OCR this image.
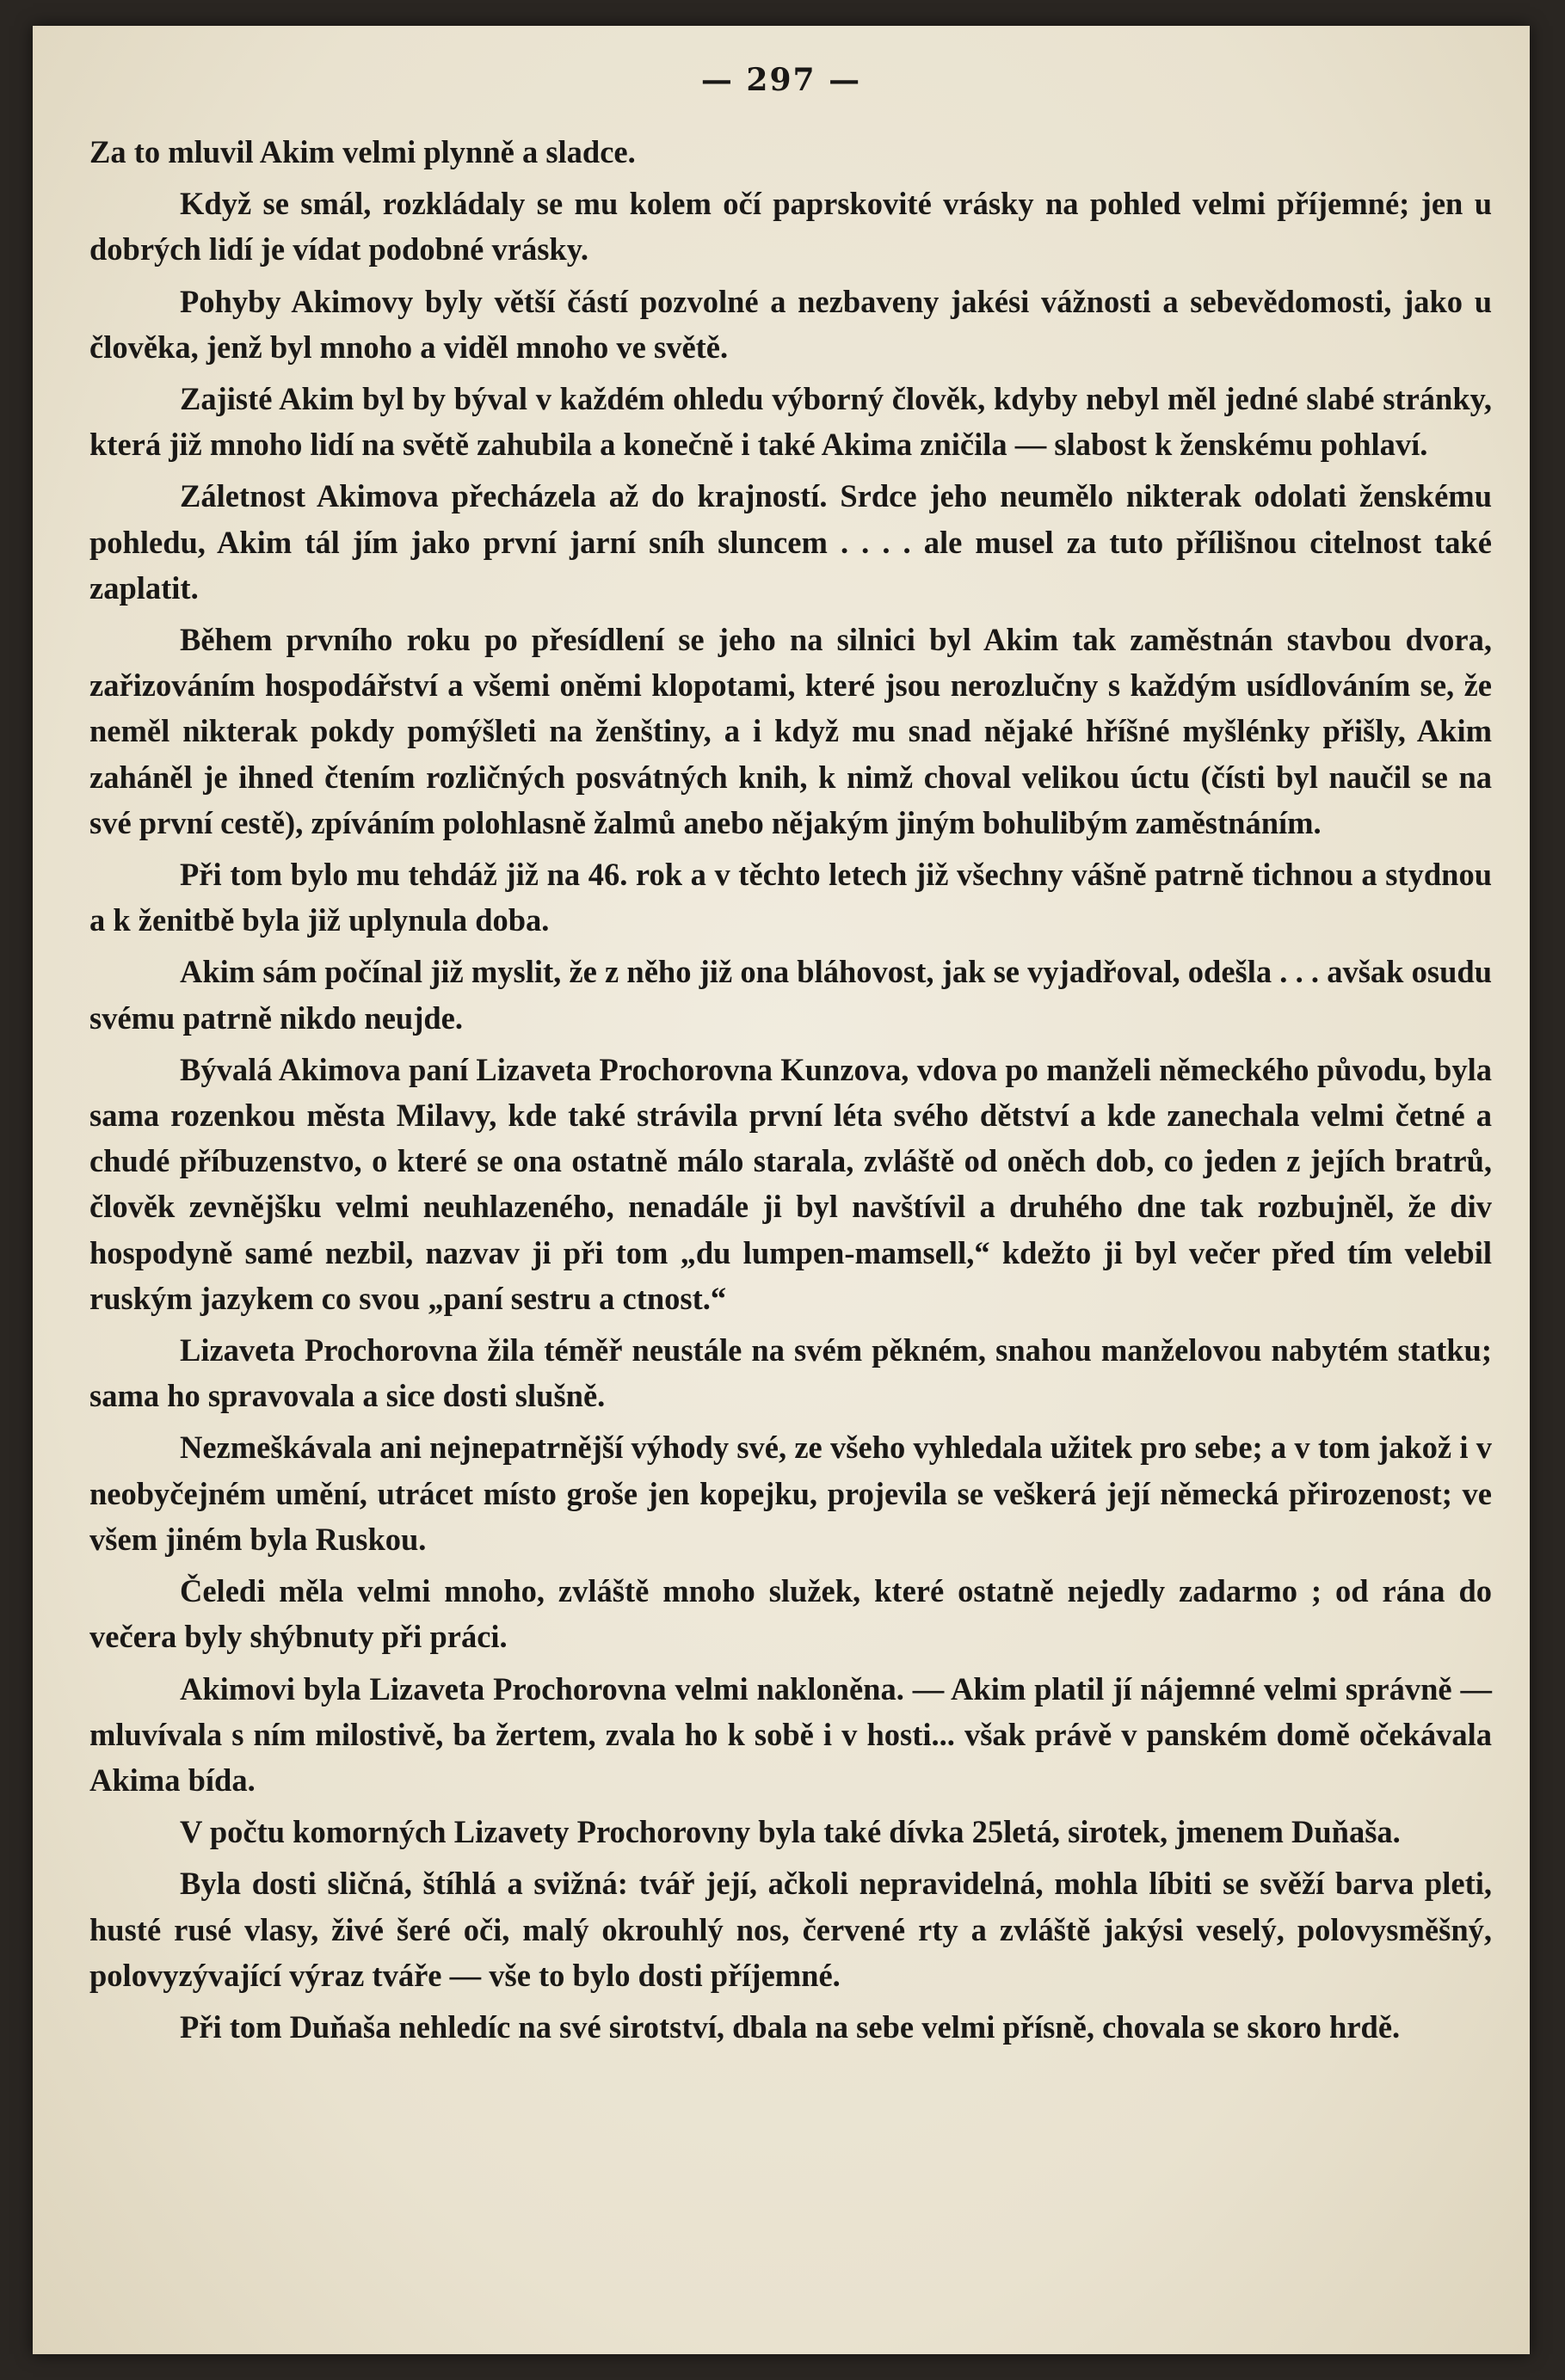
— 297 —

Za to mluvil Akim velmi plynně a sladce.

Když se smál, rozkládaly se mu kolem očí paprskovité vrásky na pohled velmi příjemné; jen u dobrých lidí je vídat podobné vrásky.

Pohyby Akimovy byly větší částí pozvolné a nezbaveny jakési vážnosti a sebevědomosti, jako u člověka, jenž byl mnoho a viděl mnoho ve světě.

Zajisté Akim byl by býval v každém ohledu výborný člověk, kdyby nebyl měl jedné slabé stránky, která již mnoho lidí na světě zahubila a konečně i také Akima zničila — slabost k ženskému pohlaví.

Záletnost Akimova přecházela až do krajností. Srdce jeho neumělo nikterak odolati ženskému pohledu, Akim tál jím jako první jarní sníh sluncem . . . . ale musel za tuto přílišnou citelnost také zaplatit.

Během prvního roku po přesídlení se jeho na silnici byl Akim tak zaměstnán stavbou dvora, zařizováním hospodářství a všemi oněmi klopotami, které jsou nerozlučny s každým usídlováním se, že neměl nikterak pokdy pomýšleti na ženštiny, a i když mu snad nějaké hříšné myšlénky přišly, Akim zaháněl je ihned čtením rozličných posvátných knih, k nimž choval velikou úctu (čísti byl naučil se na své první cestě), zpíváním polohlasně žalmů anebo nějakým jiným bohulibým zaměstnáním.

Při tom bylo mu tehdáž již na 46. rok a v těchto letech již všechny vášně patrně tichnou a stydnou a k ženitbě byla již uplynula doba.

Akim sám počínal již myslit, že z něho již ona bláhovost, jak se vyjadřoval, odešla . . . avšak osudu svému patrně nikdo neujde.

Bývalá Akimova paní Lizaveta Prochorovna Kunzova, vdova po manželi německého původu, byla sama rozenkou města Milavy, kde také strávila první léta svého dětství a kde zanechala velmi četné a chudé příbuzenstvo, o které se ona ostatně málo starala, zvláště od oněch dob, co jeden z jejích bratrů, člověk zevnějšku velmi neuhlazeného, nenadále ji byl navštívil a druhého dne tak rozbujněl, že div hospodyně samé nezbil, nazvav ji při tom „du lumpen-mamsell,“ kdežto ji byl večer před tím velebil ruským jazykem co svou „paní sestru a ctnost.“

Lizaveta Prochorovna žila téměř neustále na svém pěkném, snahou manželovou nabytém statku; sama ho spravovala a sice dosti slušně.

Nezmeškávala ani nejnepatrnější výhody své, ze všeho vyhledala užitek pro sebe; a v tom jakož i v neobyčejném umění, utrácet místo groše jen kopejku, projevila se veškerá její německá přirozenost; ve všem jiném byla Ruskou.

Čeledi měla velmi mnoho, zvláště mnoho služek, které ostatně nejedly zadarmo ; od rána do večera byly shýbnuty při práci.

Akimovi byla Lizaveta Prochorovna velmi nakloněna. — Akim platil jí nájemné velmi správně — mluvívala s ním milostivě, ba žertem, zvala ho k sobě i v hosti... však právě v panském domě očekávala Akima bída.

V počtu komorných Lizavety Prochorovny byla také dívka 25letá, sirotek, jmenem Duňaša.

Byla dosti sličná, štíhlá a svižná: tvář její, ačkoli nepravidelná, mohla líbiti se svěží barva pleti, husté rusé vlasy, živé šeré oči, malý okrouhlý nos, červené rty a zvláště jakýsi veselý, polovysměšný, polovyzývající výraz tváře — vše to bylo dosti příjemné.

Při tom Duňaša nehledíc na své sirotství, dbala na sebe velmi přísně, chovala se skoro hrdě.
